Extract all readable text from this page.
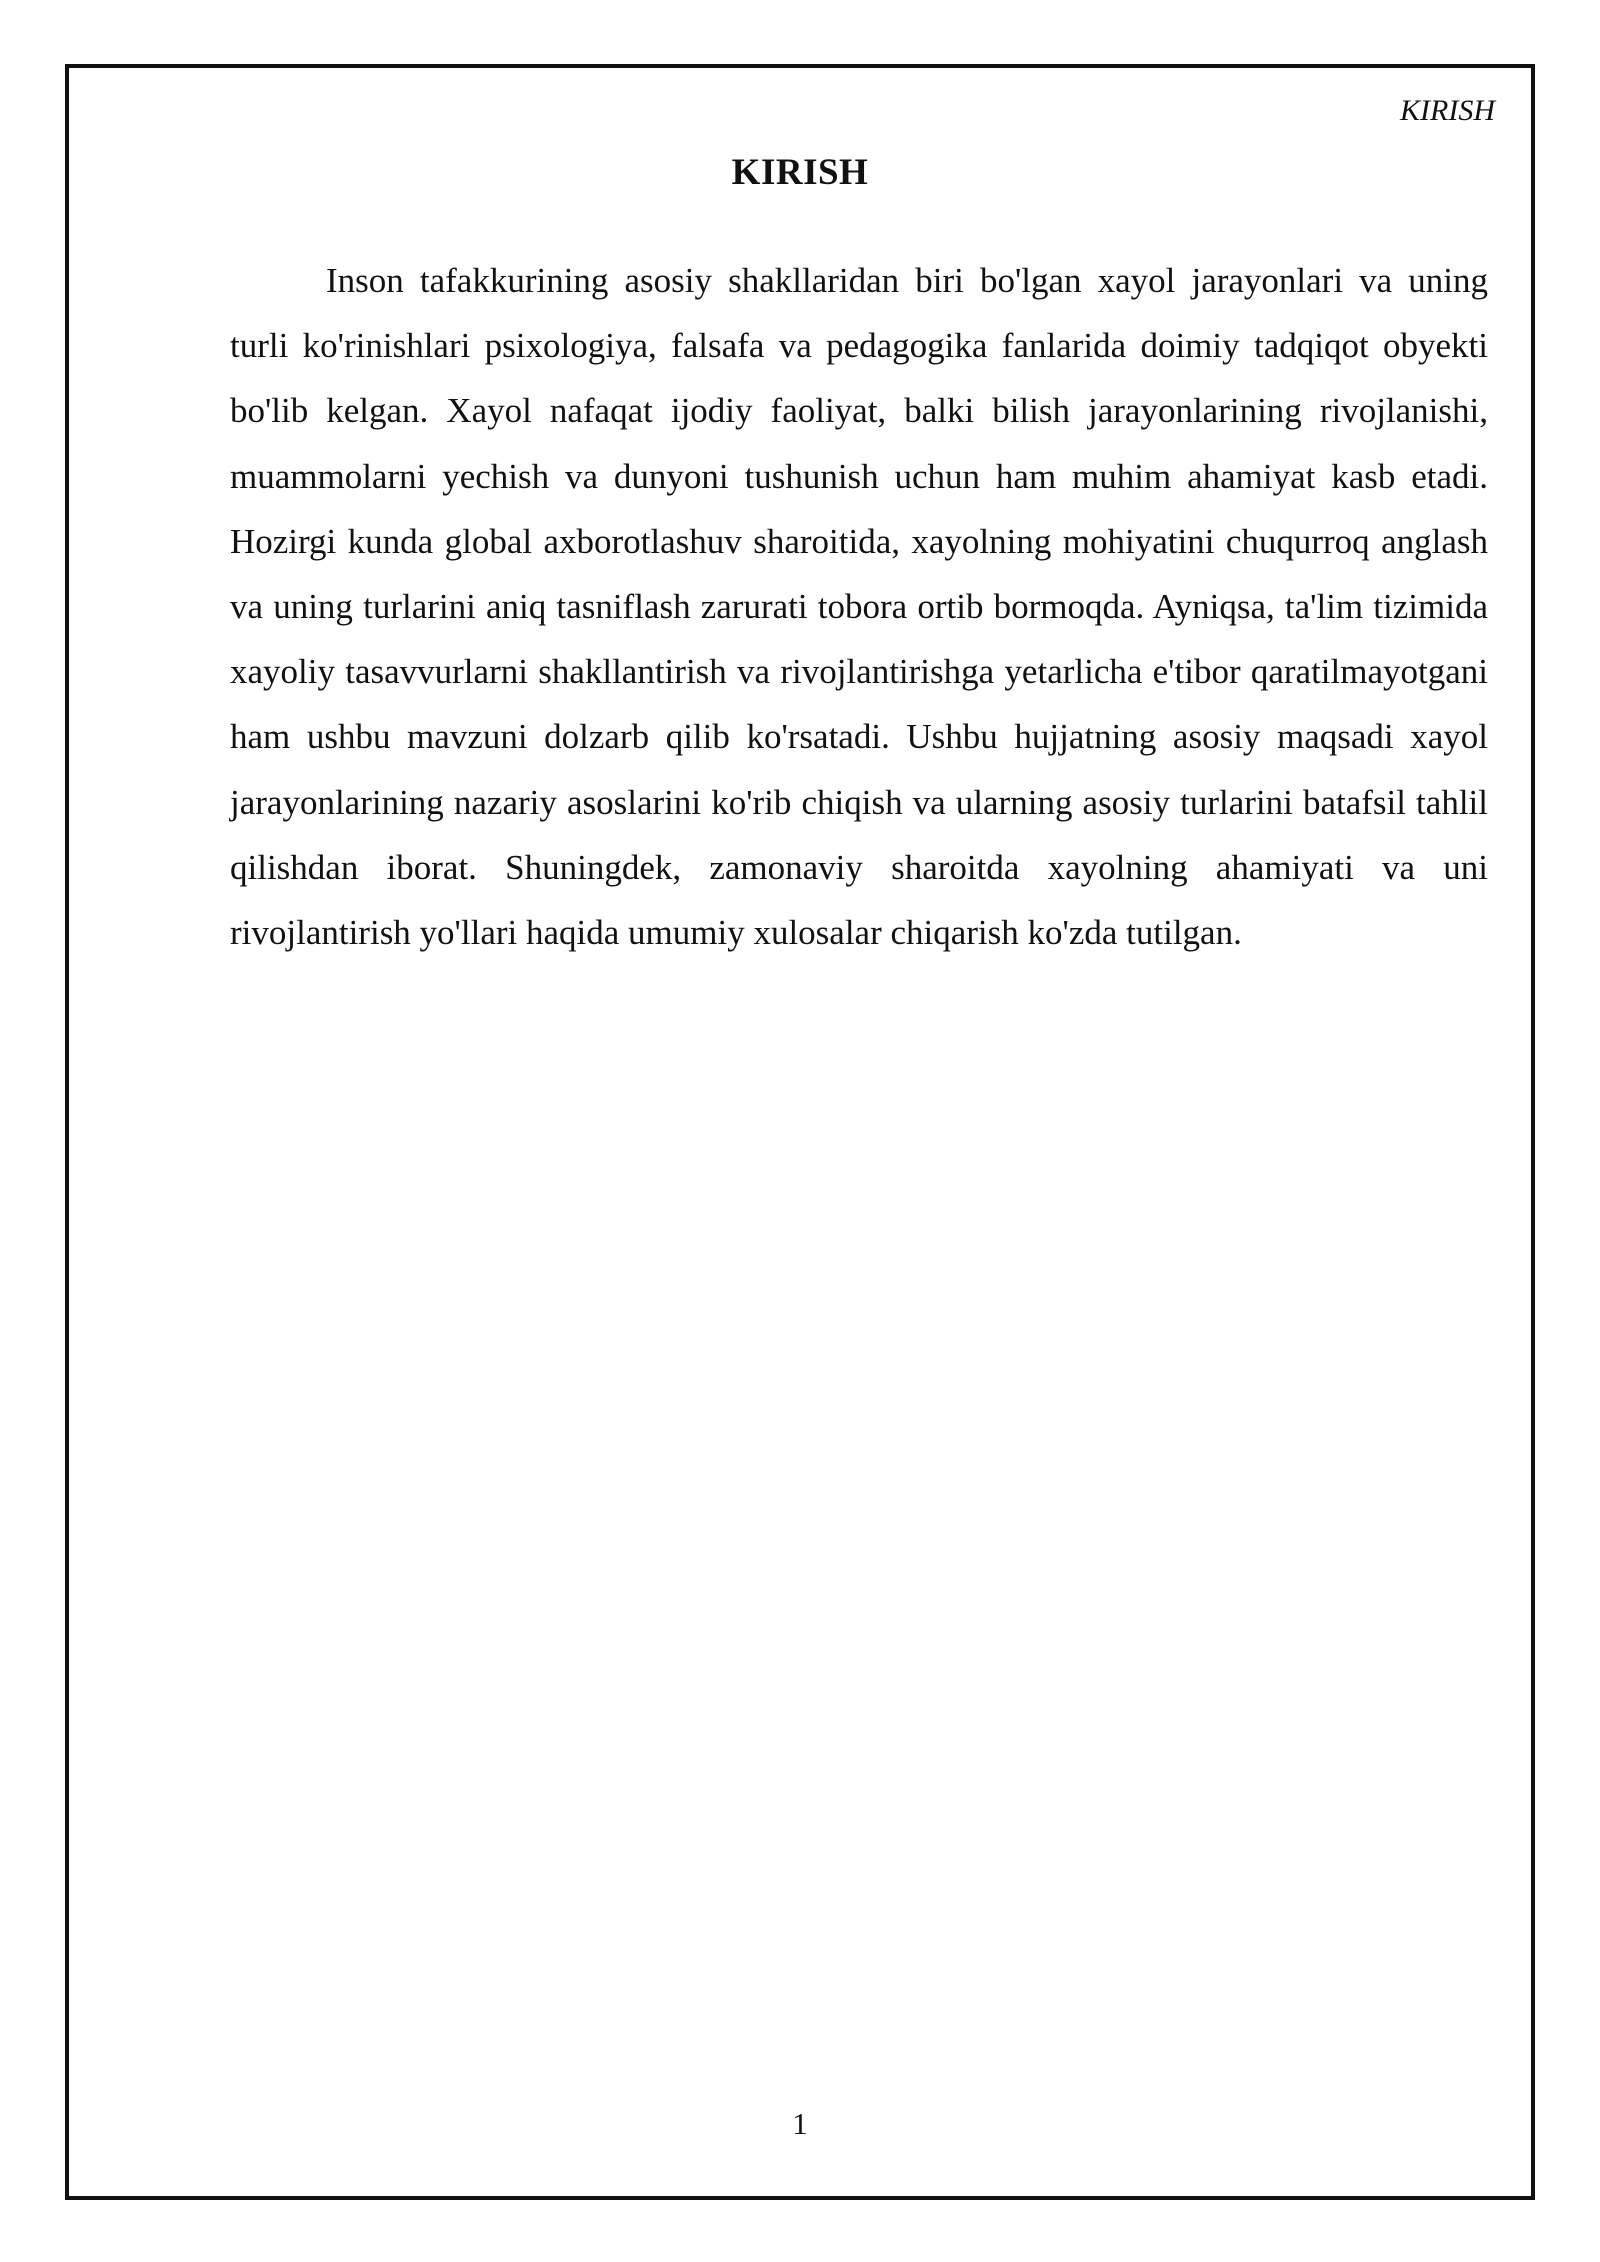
KIRISH
KIRISH

Inson tafakkurining asosiy shakllaridan biri bo'lgan xayol jarayonlari va uning turli ko'rinishlari psixologiya, falsafa va pedagogika fanlarida doimiy tadqiqot obyekti bo'lib kelgan. Xayol nafaqat ijodiy faoliyat, balki bilish jarayonlarining rivojlanishi, muammolarni yechish va dunyoni tushunish uchun ham muhim ahamiyat kasb etadi. Hozirgi kunda global axborotlashuv sharoitida, xayolning mohiyatini chuqurroq anglash va uning turlarini aniq tasniflash zarurati tobora ortib bormoqda. Ayniqsa, ta'lim tizimida xayoliy tasavvurlarni shakllantirish va rivojlantirishga yetarlicha e'tibor qaratilmayotgani ham ushbu mavzuni dolzarb qilib ko'rsatadi. Ushbu hujjatning asosiy maqsadi xayol jarayonlarining nazariy asoslarini ko'rib chiqish va ularning asosiy turlarini batafsil tahlil qilishdan iborat. Shuningdek, zamonaviy sharoitda xayolning ahamiyati va uni rivojlantirish yo'llari haqida umumiy xulosalar chiqarish ko'zda tutilgan.

1
